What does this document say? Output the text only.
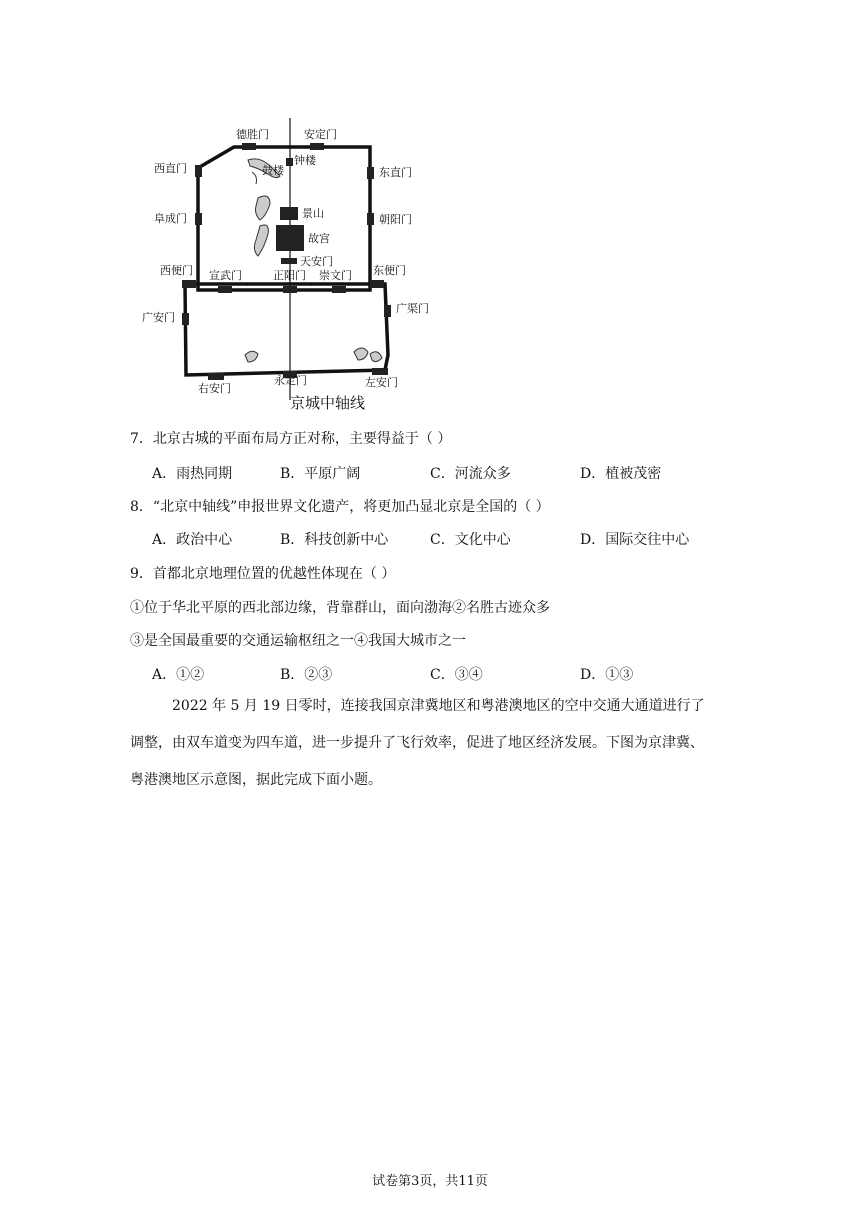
德胜门	安定门
西直门	东直门
阜成门	朝阳门
西便门	东便门
宣武门	正阳门 崇文门
广安门
广渠门
右安门
永定门	左安门
鼓楼
钟楼
景山
故宫
天安门
京城中轴线
7．北京古城的平面布局方正对称，主要得益于（ ）
A．雨热同期	B．平原广阔	C．河流众多	D．植被茂密
8．“北京中轴线”申报世界文化遗产，将更加凸显北京是全国的（ ）
A．政治中心	B．科技创新中心	C．文化中心	D．国际交往中心
9．首都北京地理位置的优越性体现在（ ）
①位于华北平原的西北部边缘，背靠群山，面向渤海②名胜古迹众多
③是全国最重要的交通运输枢纽之一④我国大城市之一
A．①②	B．②③	C．③④	D．①③
2022 年 5 月 19 日零时，连接我国京津冀地区和粤港澳地区的空中交通大通道进行了
调整，由双车道变为四车道，进一步提升了飞行效率，促进了地区经济发展。下图为京津冀、
粤港澳地区示意图，据此完成下面小题。
试卷第3页，共11页
